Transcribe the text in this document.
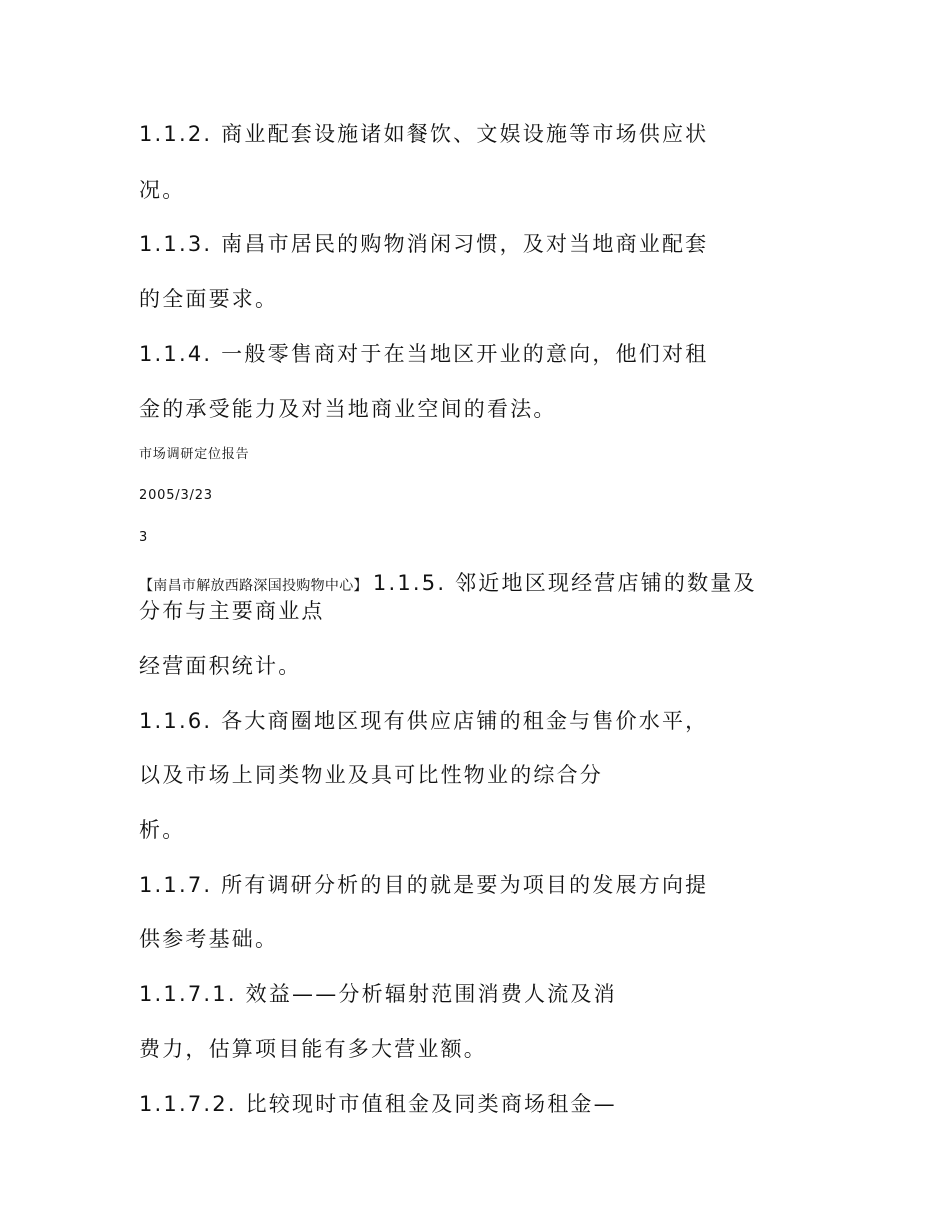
1.1.2. 商业配套设施诸如餐饮、文娱设施等市场供应状
况。
1.1.3. 南昌市居民的购物消闲习惯，及对当地商业配套
的全面要求。
1.1.4. 一般零售商对于在当地区开业的意向，他们对租
金的承受能力及对当地商业空间的看法。
市场调研定位报告
2005/3/23
3
【南昌市解放西路深国投购物中心】 1.1.5. 邻近地区现经营店铺的数量及
分布与主要商业点
经营面积统计。
1.1.6. 各大商圈地区现有供应店铺的租金与售价水平，
以及市场上同类物业及具可比性物业的综合分
析。
1.1.7. 所有调研分析的目的就是要为项目的发展方向提
供参考基础。
1.1.7.1. 效益——分析辐射范围消费人流及消
费力，估算项目能有多大营业额。
1.1.7.2. 比较现时市值租金及同类商场租金—
